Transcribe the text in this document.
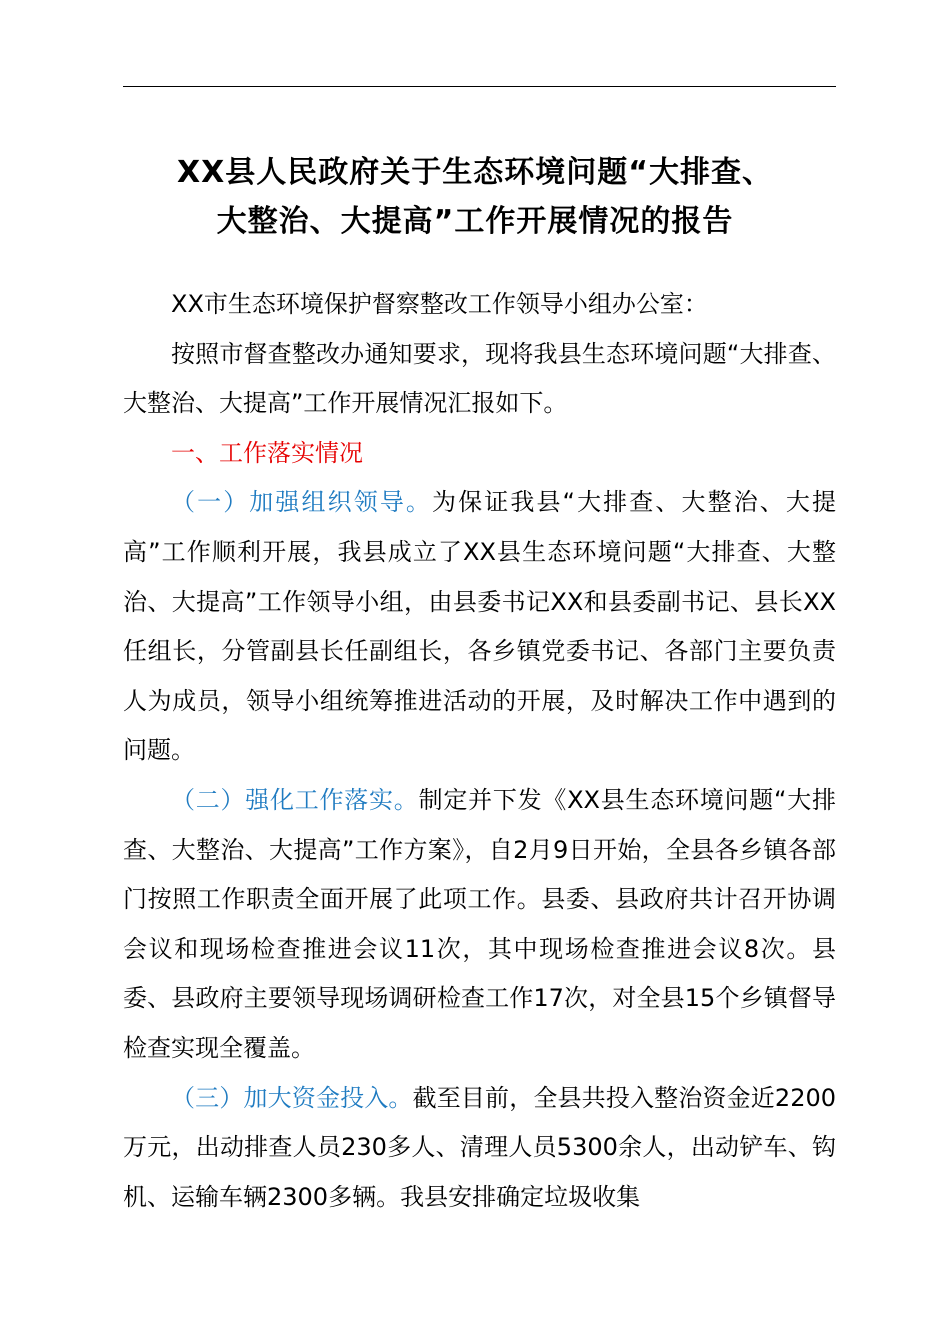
XX县人民政府关于生态环境问题“大排查、
大整治、大提高”工作开展情况的报告

XX市生态环境保护督察整改工作领导小组办公室：

按照市督查整改办通知要求，现将我县生态环境问题“大排查、大整治、大提高”工作开展情况汇报如下。

一、工作落实情况

（一）加强组织领导。为保证我县“大排查、大整治、大提高”工作顺利开展，我县成立了XX县生态环境问题“大排查、大整治、大提高”工作领导小组，由县委书记XX和县委副书记、县长XX任组长，分管副县长任副组长，各乡镇党委书记、各部门主要负责人为成员，领导小组统筹推进活动的开展，及时解决工作中遇到的问题。

（二）强化工作落实。制定并下发《XX县生态环境问题“大排查、大整治、大提高”工作方案》，自2月9日开始，全县各乡镇各部门按照工作职责全面开展了此项工作。县委、县政府共计召开协调会议和现场检查推进会议11次，其中现场检查推进会议8次。县委、县政府主要领导现场调研检查工作17次，对全县15个乡镇督导检查实现全覆盖。

（三）加大资金投入。截至目前，全县共投入整治资金近2200万元，出动排查人员230多人、清理人员5300余人，出动铲车、钩机、运输车辆2300多辆。我县安排确定垃圾收集
